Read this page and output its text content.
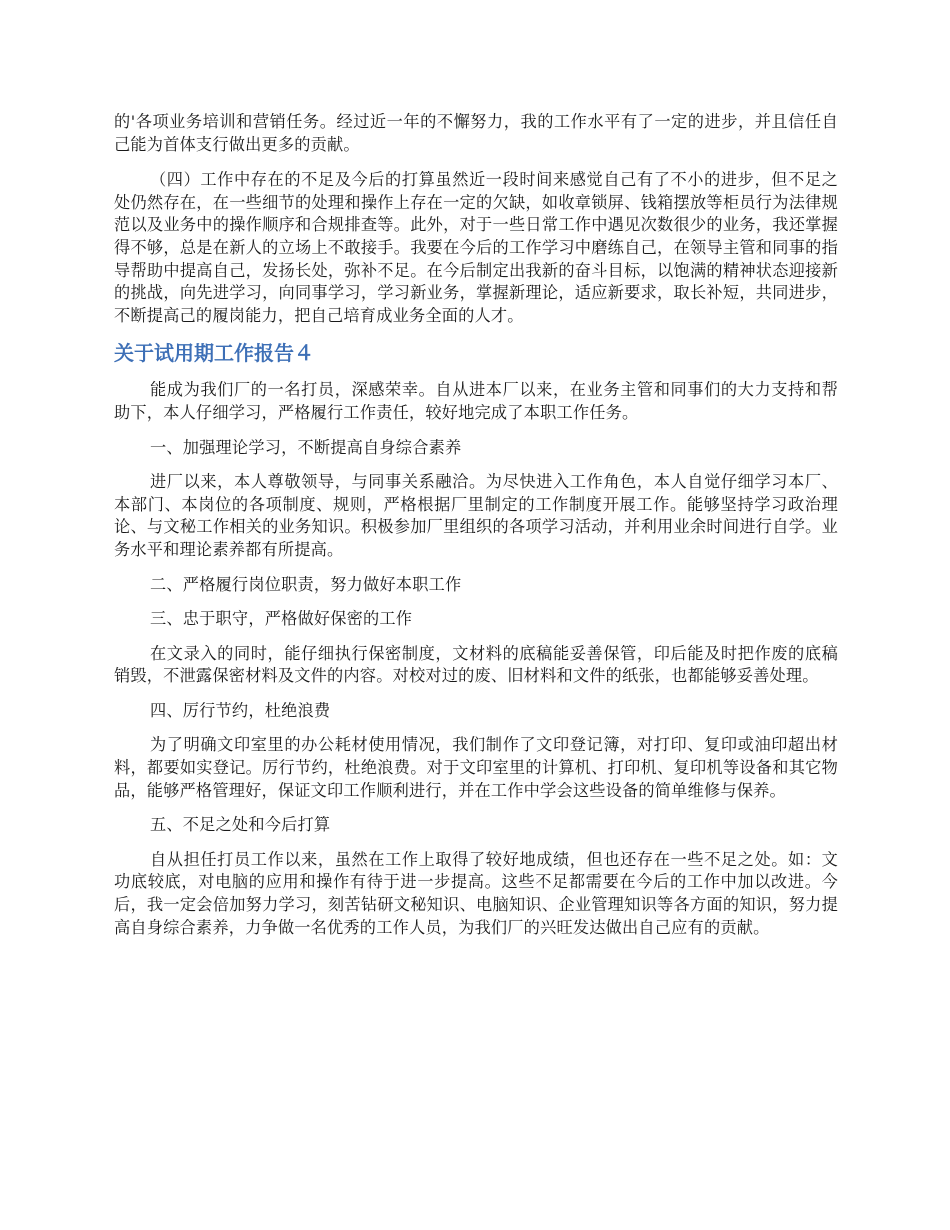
的'各项业务培训和营销任务。经过近一年的不懈努力，我的工作水平有了一定的进步，并且信任自己能为首体支行做出更多的贡献。

（四）工作中存在的不足及今后的打算虽然近一段时间来感觉自己有了不小的进步，但不足之处仍然存在，在一些细节的处理和操作上存在一定的欠缺，如收章锁屏、钱箱摆放等柜员行为法律规范以及业务中的操作顺序和合规排查等。此外，对于一些日常工作中遇见次数很少的业务，我还掌握得不够，总是在新人的立场上不敢接手。我要在今后的工作学习中磨练自己，在领导主管和同事的指导帮助中提高自己，发扬长处，弥补不足。在今后制定出我新的奋斗目标，以饱满的精神状态迎接新的挑战，向先进学习，向同事学习，学习新业务，掌握新理论，适应新要求，取长补短，共同进步，不断提高己的履岗能力，把自己培育成业务全面的人才。

关于试用期工作报告４

能成为我们厂的一名打员，深感荣幸。自从进本厂以来，在业务主管和同事们的大力支持和帮助下，本人仔细学习，严格履行工作责任，较好地完成了本职工作任务。

一、加强理论学习，不断提高自身综合素养

进厂以来，本人尊敬领导，与同事关系融洽。为尽快进入工作角色，本人自觉仔细学习本厂、本部门、本岗位的各项制度、规则，严格根据厂里制定的工作制度开展工作。能够坚持学习政治理论、与文秘工作相关的业务知识。积极参加厂里组织的各项学习活动，并利用业余时间进行自学。业务水平和理论素养都有所提高。

二、严格履行岗位职责，努力做好本职工作

三、忠于职守，严格做好保密的工作

在文录入的同时，能仔细执行保密制度，文材料的底稿能妥善保管，印后能及时把作废的底稿销毁，不泄露保密材料及文件的内容。对校对过的废、旧材料和文件的纸张，也都能够妥善处理。

四、厉行节约，杜绝浪费

为了明确文印室里的办公耗材使用情况，我们制作了文印登记簿，对打印、复印或油印超出材料，都要如实登记。厉行节约，杜绝浪费。对于文印室里的计算机、打印机、复印机等设备和其它物品，能够严格管理好，保证文印工作顺利进行，并在工作中学会这些设备的简单维修与保养。

五、不足之处和今后打算

自从担任打员工作以来，虽然在工作上取得了较好地成绩，但也还存在一些不足之处。如：文功底较底，对电脑的应用和操作有待于进一步提高。这些不足都需要在今后的工作中加以改进。今后，我一定会倍加努力学习，刻苦钻研文秘知识、电脑知识、企业管理知识等各方面的知识，努力提高自身综合素养，力争做一名优秀的工作人员，为我们厂的兴旺发达做出自己应有的贡献。
